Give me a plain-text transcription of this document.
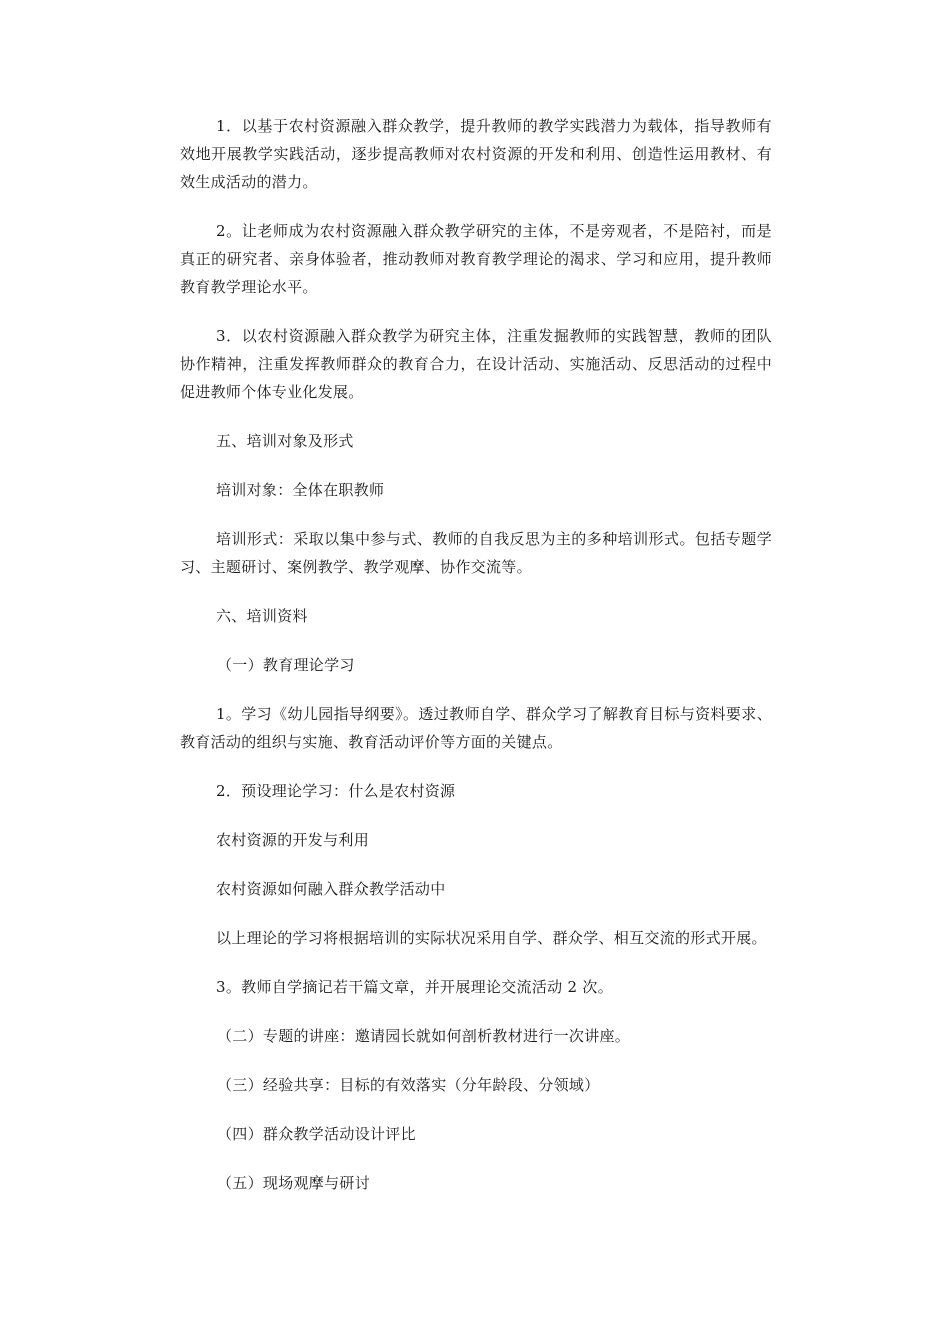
1．以基于农村资源融入群众教学，提升教师的教学实践潜力为载体，指导教师有效地开展教学实践活动，逐步提高教师对农村资源的开发和利用、创造性运用教材、有效生成活动的潜力。

2。让老师成为农村资源融入群众教学研究的主体，不是旁观者，不是陪衬，而是真正的研究者、亲身体验者，推动教师对教育教学理论的渴求、学习和应用，提升教师教育教学理论水平。

3．以农村资源融入群众教学为研究主体，注重发掘教师的实践智慧，教师的团队协作精神，注重发挥教师群众的教育合力，在设计活动、实施活动、反思活动的过程中促进教师个体专业化发展。

五、培训对象及形式

培训对象：全体在职教师

培训形式：采取以集中参与式、教师的自我反思为主的多种培训形式。包括专题学习、主题研讨、案例教学、教学观摩、协作交流等。

六、培训资料

（一）教育理论学习

1。学习《幼儿园指导纲要》。透过教师自学、群众学习了解教育目标与资料要求、教育活动的组织与实施、教育活动评价等方面的关键点。

2．预设理论学习：什么是农村资源

农村资源的开发与利用

农村资源如何融入群众教学活动中

以上理论的学习将根据培训的实际状况采用自学、群众学、相互交流的形式开展。

3。教师自学摘记若干篇文章，并开展理论交流活动 2 次。

（二）专题的讲座：邀请园长就如何剖析教材进行一次讲座。

（三）经验共享：目标的有效落实（分年龄段、分领域）

（四）群众教学活动设计评比

（五）现场观摩与研讨
